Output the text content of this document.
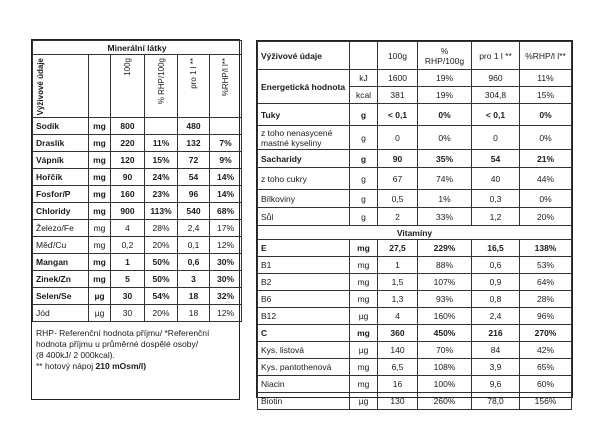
Minerální látky					
Výživové údaje		100g	% RHP/100g	pro 1 l **	%RHP/l l**
Sodík	mg	800		480	
Draslík	mg	220	11%	132	7%
Vápník	mg	120	15%	72	9%
Hořčík	mg	90	24%	54	14%
Fosfor/P	mg	160	23%	96	14%
Chloridy	mg	900	113%	540	68%
Železo/Fe	mg	4	28%	2,4	17%
Měď/Cu	mg	0,2	20%	0,1	12%
Mangan	mg	1	50%	0,6	30%
Zinek/Zn	mg	5	50%	3	30%
Selen/Se	µg	30	54%	18	32%
Jód	µg	30	20%	18	12%
RHP- Referenční hodnota příjmu/ *Referenční
hodnota příjmu u průměrné dospělé osoby/
(8 400kJ/ 2 000kcal).
** hotový nápoj 210 mOsm/l)
Výživové údaje		100g	% RHP/100g	pro 1 l **	%RHP/l l**
Energetická hodnota	kJ	1600	19%	960	11%
	kcal	381	19%	304,8	15%
Tuky	g	< 0,1	0%	< 0,1	0%
z toho nenasycené mastné kyseliny	g	0	0%	0	0%
Sacharidy	g	90	35%	54	21%
z toho cukry	g	67	74%	40	44%
Bílkoviny	g	0,5	1%	0,3	0%
Sůl	g	2	33%	1,2	20%
Vitamíny					
E	mg	27,5	229%	16,5	138%
B1	mg	1	88%	0,6	53%
B2	mg	1,5	107%	0,9	64%
B6	mg	1,3	93%	0,8	28%
B12	µg	4	160%	2,4	96%
C	mg	360	450%	216	270%
Kys. listová	µg	140	70%	84	42%
Kys. pantothenová	mg	6,5	108%	3,9	65%
Niacin	mg	16	100%	9,6	60%
Biotin	µg	130	260%	78,0	156%
